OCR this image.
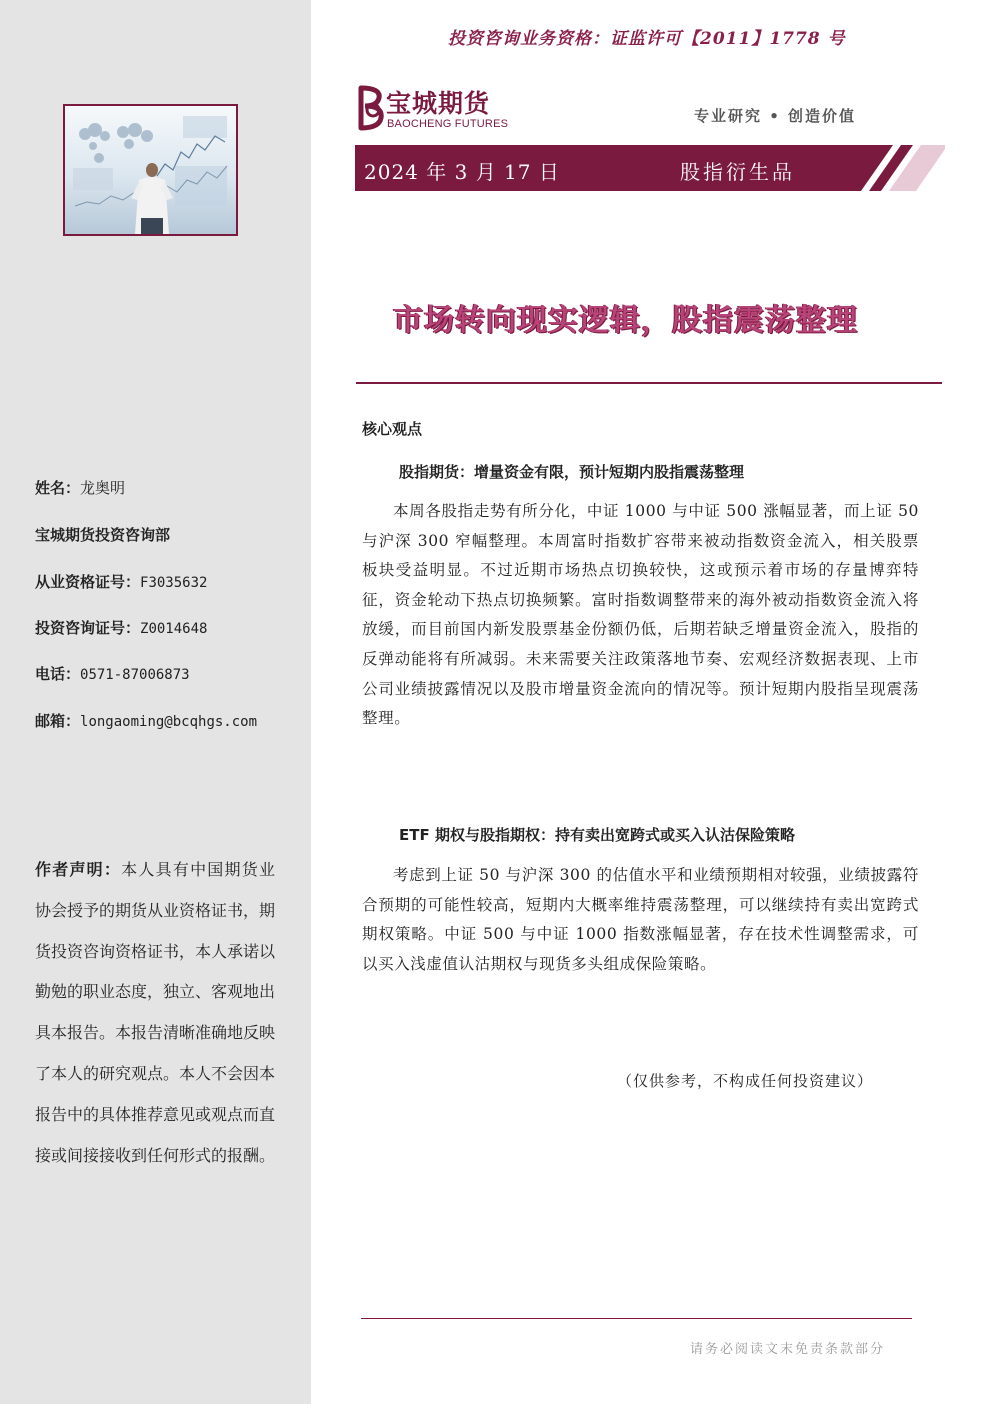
姓名：龙奥明
宝城期货投资咨询部
从业资格证号：F3035632
投资咨询证号：Z0014648
电话：0571-87006873
邮箱：longaoming@bcqhgs.com
作者声明：本人具有中国期货业协会授予的期货从业资格证书，期货投资咨询资格证书，本人承诺以勤勉的职业态度，独立、客观地出具本报告。本报告清晰准确地反映了本人的研究观点。本人不会因本报告中的具体推荐意见或观点而直接或间接接收到任何形式的报酬。
投资咨询业务资格：证监许可【2011】1778 号
宝城期货
BAOCHENG FUTURES	专业研究 • 创造价值
2024 年 3 月 17 日	股指衍生品
市场转向现实逻辑，股指震荡整理
核心观点
股指期货：增量资金有限，预计短期内股指震荡整理
本周各股指走势有所分化，中证 1000 与中证 500 涨幅显著，而上证 50 与沪深 300 窄幅整理。本周富时指数扩容带来被动指数资金流入，相关股票板块受益明显。不过近期市场热点切换较快，这或预示着市场的存量博弈特征，资金轮动下热点切换频繁。富时指数调整带来的海外被动指数资金流入将放缓，而目前国内新发股票基金份额仍低，后期若缺乏增量资金流入，股指的反弹动能将有所减弱。未来需要关注政策落地节奏、宏观经济数据表现、上市公司业绩披露情况以及股市增量资金流向的情况等。预计短期内股指呈现震荡整理。
ETF 期权与股指期权：持有卖出宽跨式或买入认沽保险策略
考虑到上证 50 与沪深 300 的估值水平和业绩预期相对较强，业绩披露符合预期的可能性较高，短期内大概率维持震荡整理，可以继续持有卖出宽跨式期权策略。中证 500 与中证 1000 指数涨幅显著，存在技术性调整需求，可以买入浅虚值认沽期权与现货多头组成保险策略。
（仅供参考，不构成任何投资建议）
请务必阅读文末免责条款部分
